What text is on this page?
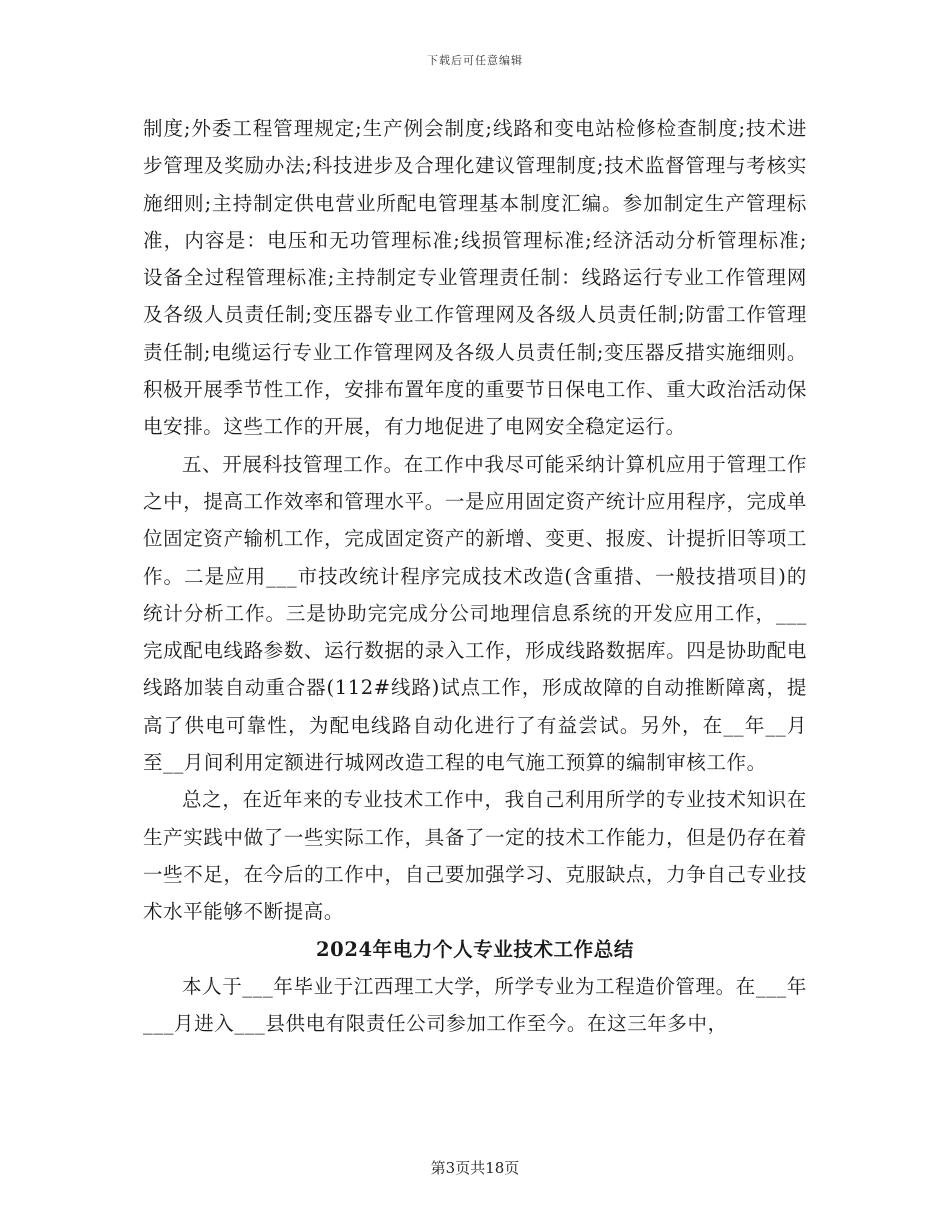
下载后可任意编辑

制度;外委工程管理规定;生产例会制度;线路和变电站检修检查制度;技术进步管理及奖励办法;科技进步及合理化建议管理制度;技术监督管理与考核实施细则;主持制定供电营业所配电管理基本制度汇编。参加制定生产管理标准，内容是：电压和无功管理标准;线损管理标准;经济活动分析管理标准;设备全过程管理标准;主持制定专业管理责任制：线路运行专业工作管理网及各级人员责任制;变压器专业工作管理网及各级人员责任制;防雷工作管理责任制;电缆运行专业工作管理网及各级人员责任制;变压器反措实施细则。积极开展季节性工作，安排布置年度的重要节日保电工作、重大政治活动保电安排。这些工作的开展，有力地促进了电网安全稳定运行。

五、开展科技管理工作。在工作中我尽可能采纳计算机应用于管理工作之中，提高工作效率和管理水平。一是应用固定资产统计应用程序，完成单位固定资产输机工作，完成固定资产的新增、变更、报废、计提折旧等项工作。二是应用___市技改统计程序完成技术改造(含重措、一般技措项目)的统计分析工作。三是协助完完成分公司地理信息系统的开发应用工作，___完成配电线路参数、运行数据的录入工作，形成线路数据库。四是协助配电线路加装自动重合器(112#线路)试点工作，形成故障的自动推断障离，提高了供电可靠性，为配电线路自动化进行了有益尝试。另外，在__年__月至__月间利用定额进行城网改造工程的电气施工预算的编制审核工作。

总之，在近年来的专业技术工作中，我自己利用所学的专业技术知识在生产实践中做了一些实际工作，具备了一定的技术工作能力，但是仍存在着一些不足，在今后的工作中，自己要加强学习、克服缺点，力争自己专业技术水平能够不断提高。

2024年电力个人专业技术工作总结

本人于___年毕业于江西理工大学，所学专业为工程造价管理。在___年___月进入___县供电有限责任公司参加工作至今。在这三年多中，

第3页共18页
